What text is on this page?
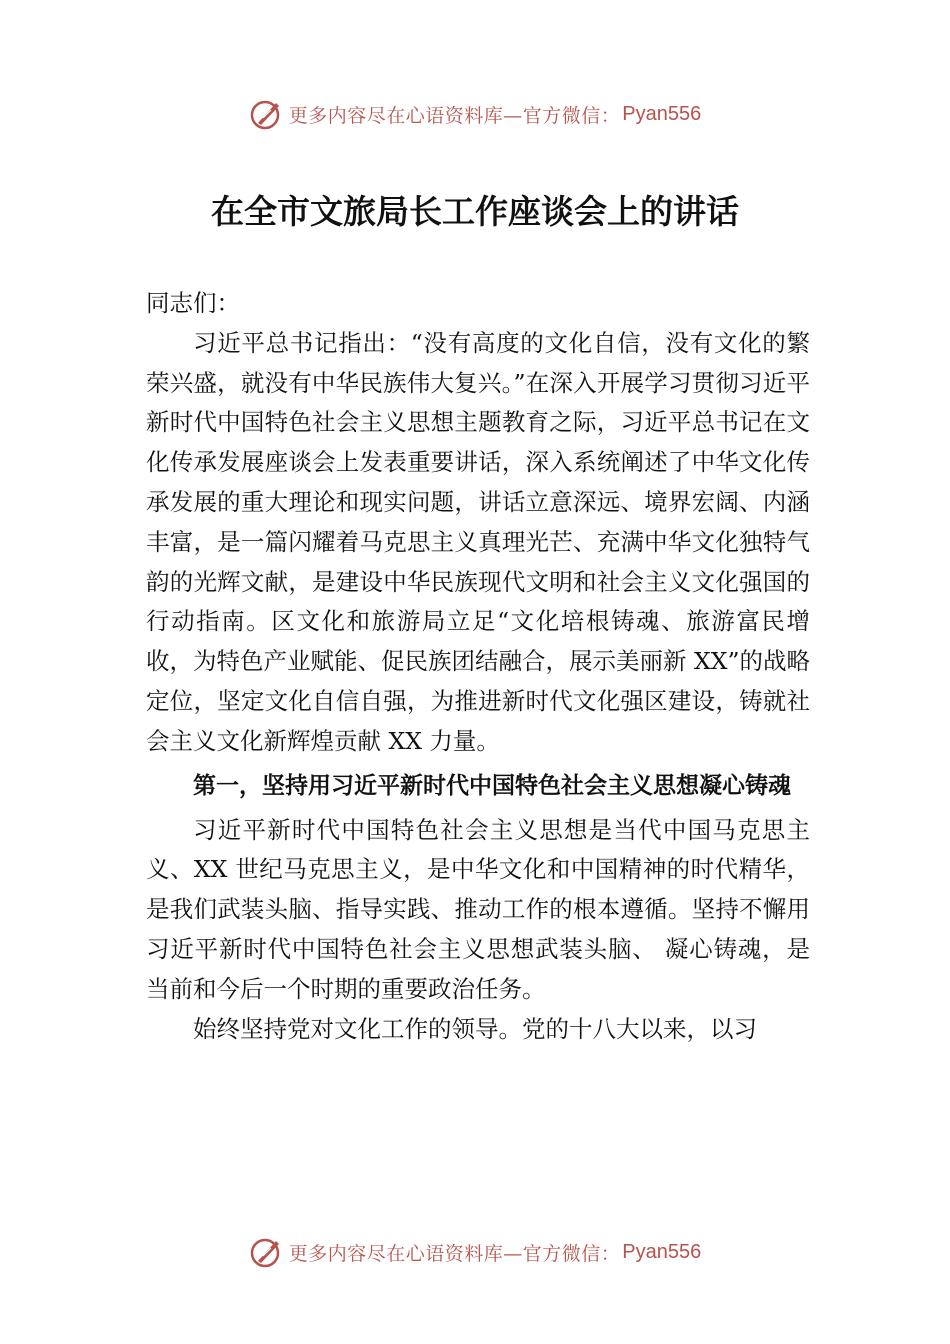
更多内容尽在心语资料库—官方微信： Pyan556
在全市文旅局长工作座谈会上的讲话

同志们：

习近平总书记指出：“没有高度的文化自信，没有文化的繁荣兴盛，就没有中华民族伟大复兴。”在深入开展学习贯彻习近平新时代中国特色社会主义思想主题教育之际，习近平总书记在文化传承发展座谈会上发表重要讲话，深入系统阐述了中华文化传承发展的重大理论和现实问题，讲话立意深远、境界宏阔、内涵丰富，是一篇闪耀着马克思主义真理光芒、充满中华文化独特气韵的光辉文献，是建设中华民族现代文明和社会主义文化强国的行动指南。区文化和旅游局立足“文化培根铸魂、旅游富民增收，为特色产业赋能、促民族团结融合，展示美丽新 XX”的战略定位，坚定文化自信自强，为推进新时代文化强区建设，铸就社会主义文化新辉煌贡献 XX 力量。

第一，坚持用习近平新时代中国特色社会主义思想凝心铸魂

习近平新时代中国特色社会主义思想是当代中国马克思主义、XX 世纪马克思主义，是中华文化和中国精神的时代精华，是我们武装头脑、指导实践、推动工作的根本遵循。坚持不懈用习近平新时代中国特色社会主义思想武装头脑、 凝心铸魂，是当前和今后一个时期的重要政治任务。

始终坚持党对文化工作的领导。党的十八大以来，以习

更多内容尽在心语资料库—官方微信： Pyan556
